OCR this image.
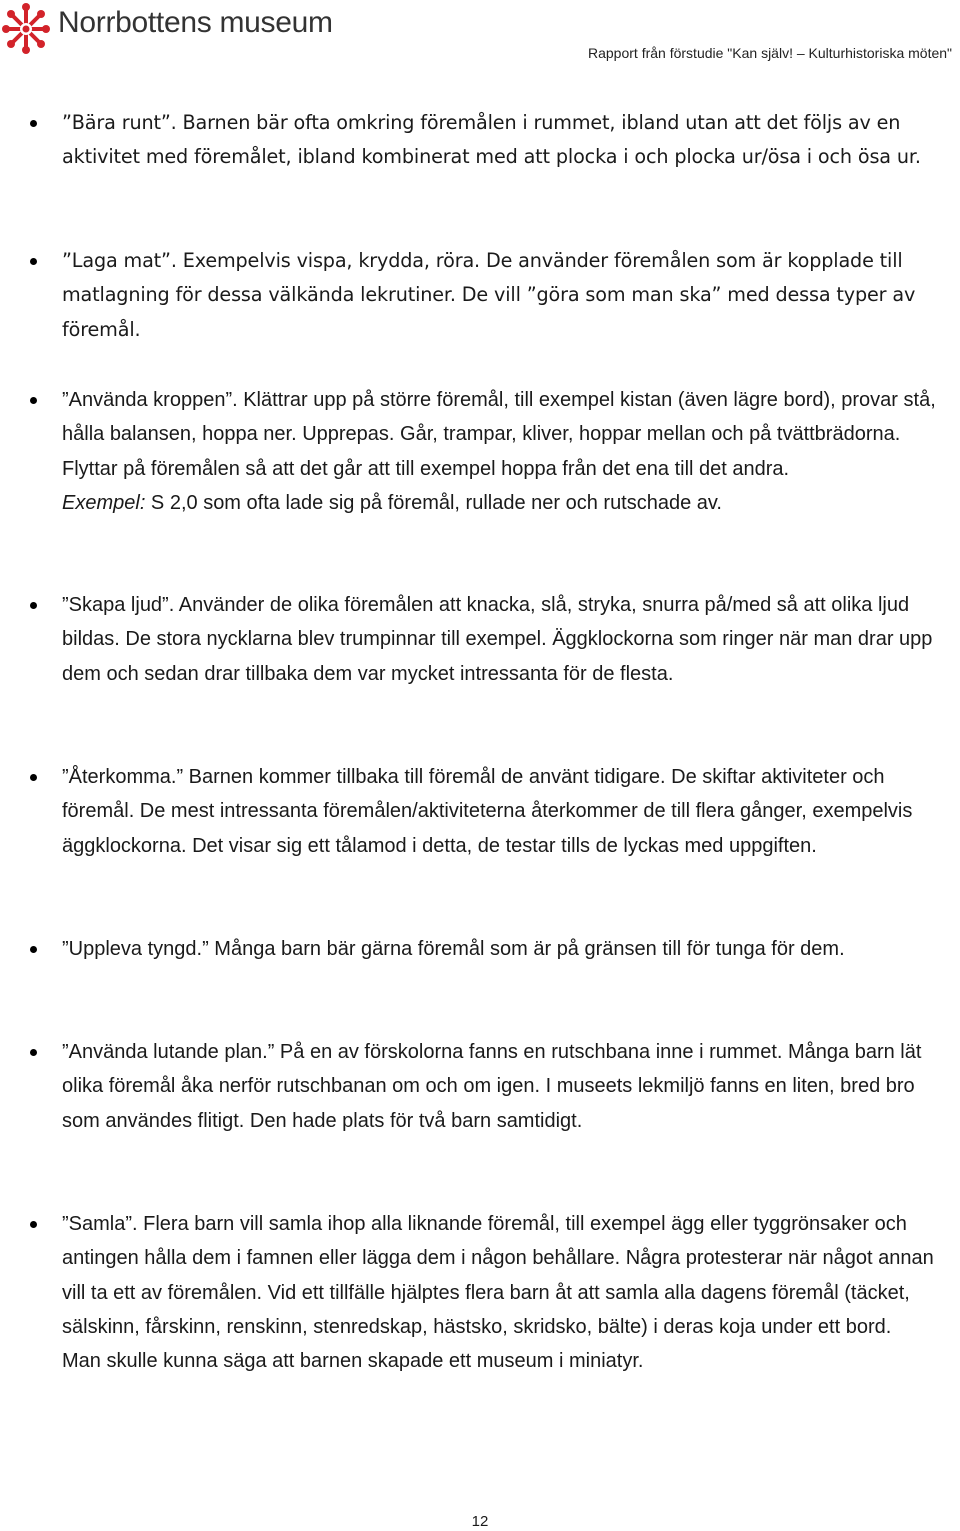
Norrbottens museum
Rapport från förstudie "Kan själv! – Kulturhistoriska möten"

”Bära runt”. Barnen bär ofta omkring föremålen i rummet, ibland utan att det följs av en aktivitet med föremålet, ibland kombinerat med att plocka i och plocka ur/ösa i och ösa ur.

”Laga mat”. Exempelvis vispa, krydda, röra. De använder föremålen som är kopplade till matlagning för dessa välkända lekrutiner. De vill ”göra som man ska” med dessa typer av föremål.

”Använda kroppen”. Klättrar upp på större föremål, till exempel kistan (även lägre bord), provar stå, hålla balansen, hoppa ner. Upprepas. Går, trampar, kliver, hoppar mellan och på tvättbrädorna. Flyttar på föremålen så att det går att till exempel hoppa från det ena till det andra.

Exempel: S 2,0 som ofta lade sig på föremål, rullade ner och rutschade av.

”Skapa ljud”. Använder de olika föremålen att knacka, slå, stryka, snurra på/med så att olika ljud bildas. De stora nycklarna blev trumpinnar till exempel. Äggklockorna som ringer när man drar upp dem och sedan drar tillbaka dem var mycket intressanta för de flesta.

”Återkomma.” Barnen kommer tillbaka till föremål de använt tidigare. De skiftar aktiviteter och föremål. De mest intressanta föremålen/aktiviteterna återkommer de till flera gånger, exempelvis äggklockorna. Det visar sig ett tålamod i detta, de testar tills de lyckas med uppgiften.

”Uppleva tyngd.” Många barn bär gärna föremål som är på gränsen till för tunga för dem.

”Använda lutande plan.” På en av förskolorna fanns en rutschbana inne i rummet. Många barn lät olika föremål åka nerför rutschbanan om och om igen. I museets lekmiljö fanns en liten, bred bro som användes flitigt. Den hade plats för två barn samtidigt.

”Samla”. Flera barn vill samla ihop alla liknande föremål, till exempel ägg eller tyggrönsaker och antingen hålla dem i famnen eller lägga dem i någon behållare. Några protesterar när något annan vill ta ett av föremålen. Vid ett tillfälle hjälptes flera barn åt att samla alla dagens föremål (täcket, sälskinn, fårskinn, renskinn, stenredskap, hästsko, skridsko, bälte) i deras koja under ett bord.

Man skulle kunna säga att barnen skapade ett museum i miniatyr.

12
